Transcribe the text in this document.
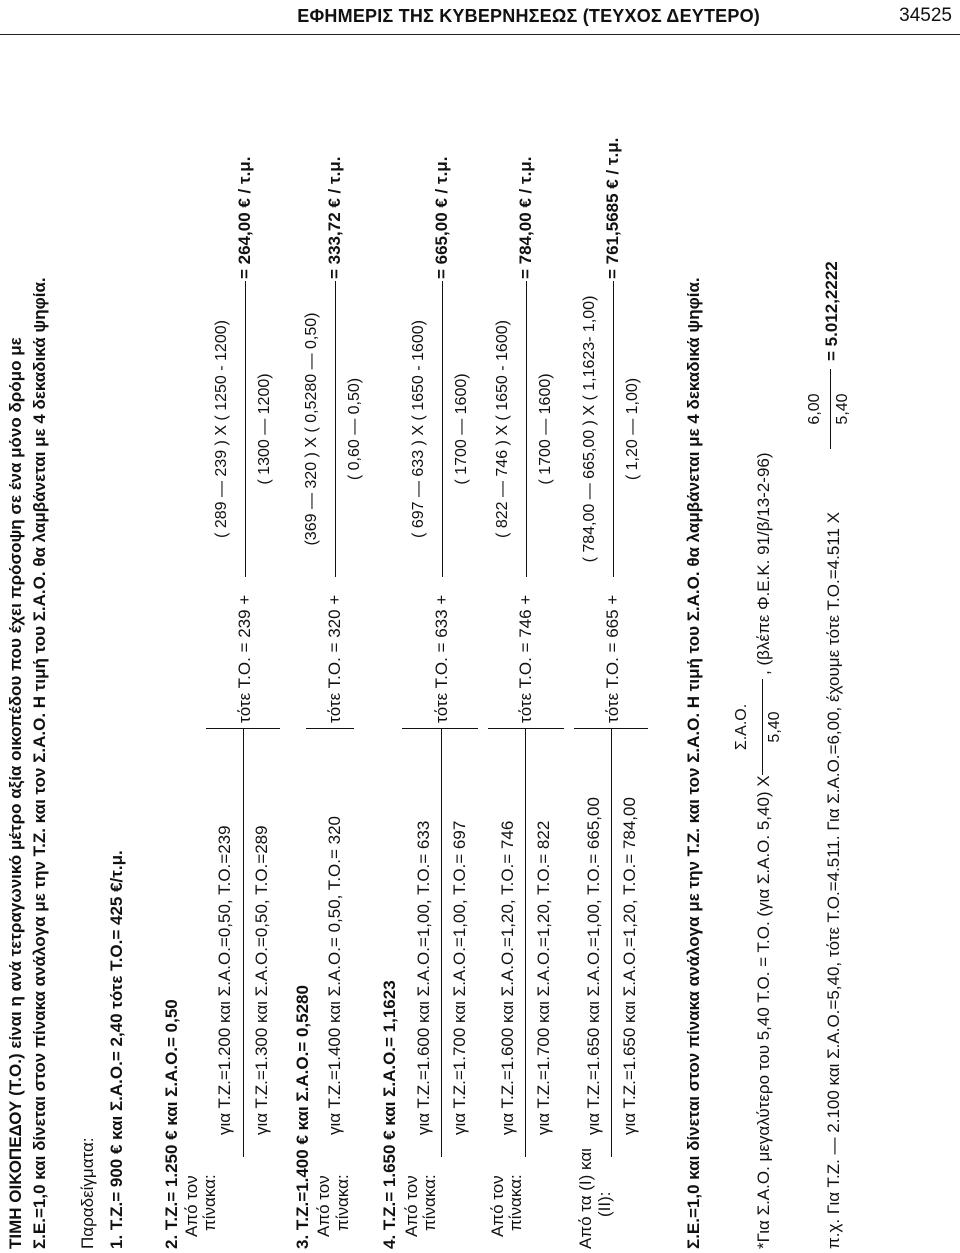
ΕΦΗΜΕΡΙΣ ΤΗΣ ΚΥΒΕΡΝΗΣΕΩΣ (ΤΕΥΧΟΣ ΔΕΥΤΕΡΟ)	34525
ΤΙΜΗ ΟΙΚΟΠΕΔΟΥ (Τ.Ο.) είναι η ανά τετραγωνικό μέτρο αξία οικοπέδου που έχει πρόσοψη σε ένα μόνο δρόμο με Σ.Ε.=1,0 και δίνεται στον πίνακα ανάλογα με την Τ.Ζ. και τον Σ.Α.Ο. Η τιμή του Σ.Α.Ο. θα λαμβάνεται με 4 δεκαδικά ψηφία. Παραδείγματα: 1. Τ.Ζ.= 900 € και Σ.Α.Ο.= 2,40 τότε Τ.Ο.= 425 €/τ.μ. 2. Τ.Ζ.= 1.250 € και Σ.Α.Ο.= 0,50 Από τον πίνακα:
για Τ.Ζ.=1.200 και Σ.Α.Ο.=0,50, Τ.Ο.=239 για Τ.Ζ.=1.300 και Σ.Α.Ο.=0,50, Τ.Ο.=289
τότε Τ.Ο. = 239 +
( 289 — 239 ) X ( 1250 - 1200) ( 1300 — 1200)
= 264,00 € / τ.μ.
3. Τ.Ζ.=1.400 € και Σ.Α.Ο.= 0,5280 Από τον πίνακα:
για Τ.Ζ.=1.400 και Σ.Α.Ο.= 0,50, Τ.Ο.= 320
τότε Τ.Ο. = 320 +
(369 — 320 ) X ( 0,5280 — 0,50) ( 0,60 — 0,50)
= 333,72 € / τ.μ.
4. Τ.Ζ.= 1.650 € και Σ.Α.Ο.= 1,1623 Από τον πίνακα:
για Τ.Ζ.=1.600 και Σ.Α.Ο.=1,00, Τ.Ο.= 633 για Τ.Ζ.=1.700 και Σ.Α.Ο.=1,00, Τ.Ο.= 697
τότε Τ.Ο. = 633 +
( 697 — 633 ) X ( 1650 - 1600) ( 1700 — 1600)
= 665,00 € / τ.μ.
Από τον πίνακα:
για Τ.Ζ.=1.600 και Σ.Α.Ο.=1,20, Τ.Ο.= 746 για Τ.Ζ.=1.700 και Σ.Α.Ο.=1,20, Τ.Ο.= 822
τότε Τ.Ο. = 746 +
( 822 — 746 ) X ( 1650 - 1600) ( 1700 — 1600)
= 784,00 € / τ.μ.
Από τα (Ι) και (ΙΙ):
για Τ.Ζ.=1.650 και Σ.Α.Ο.=1,00, Τ.Ο.= 665,00 για Τ.Ζ.=1.650 και Σ.Α.Ο.=1,20, Τ.Ο.= 784,00
τότε Τ.Ο. = 665 +
( 784,00 — 665,00 ) X ( 1,1623- 1,00) ( 1,20 — 1,00)
= 761,5685 € / τ.μ.
Σ.Ε.=1,0 και δίνεται στον πίνακα ανάλογα με την Τ.Ζ. και τον Σ.Α.Ο. Η τιμή του Σ.Α.Ο. θα λαμβάνεται με 4 δεκαδικά ψηφία.	*Για Σ.Α.Ο. μεγαλύτερο του 5,40 Τ.Ο. = Τ.Ο. (για Σ.Α.Ο. 5,40) X
Σ.Α.Ο. 5,40
, (βλέπε Φ.Ε.Κ. 91/β/13-2-96)	π.χ. Για Τ.Ζ. — 2.100 και Σ.Α.Ο.=5,40, τότε Τ.Ο.=4.511. Για Σ.Α.Ο.=6,00, έχουμε τότε Τ.Ο.=4.511 Χ
6,00 5,40
= 5.012,2222
